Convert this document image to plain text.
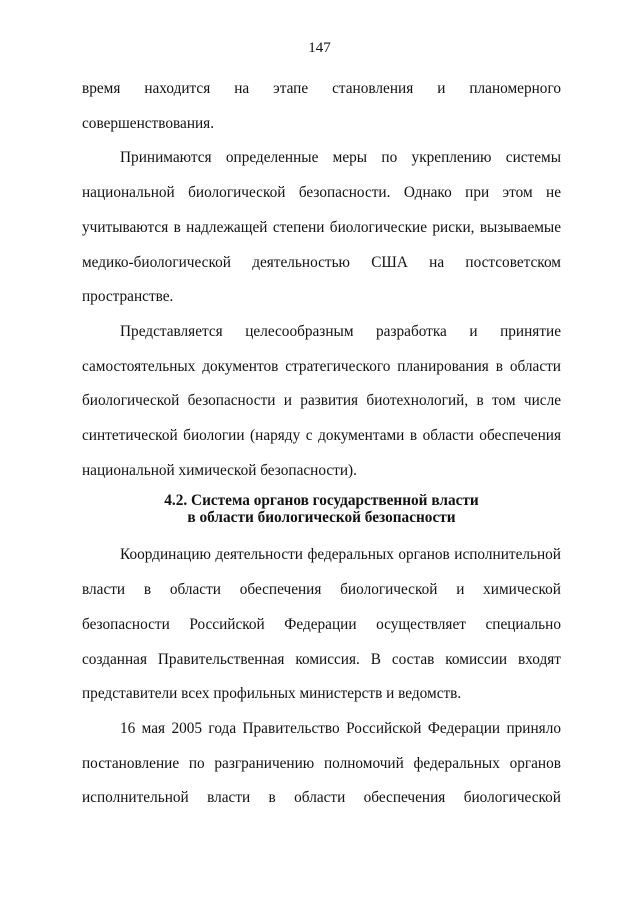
147

время находится на этапе становления и планомерного совершенствования.

Принимаются определенные меры по укреплению системы национальной биологической безопасности. Однако при этом не учитываются в надлежащей степени биологические риски, вызываемые медико-биологической деятельностью США на постсоветском пространстве.

Представляется целесообразным разработка и принятие самостоятельных документов стратегического планирования в области биологической безопасности и развития биотехнологий, в том числе синтетической биологии (наряду с документами в области обеспечения национальной химической безопасности).

4.2. Система органов государственной власти
в области биологической безопасности

Координацию деятельности федеральных органов исполнительной власти в области обеспечения биологической и химической безопасности Российской Федерации осуществляет специально созданная Правительственная комиссия. В состав комиссии входят представители всех профильных министерств и ведомств.

16 мая 2005 года Правительство Российской Федерации приняло постановление по разграничению полномочий федеральных органов исполнительной власти в области обеспечения биологической
